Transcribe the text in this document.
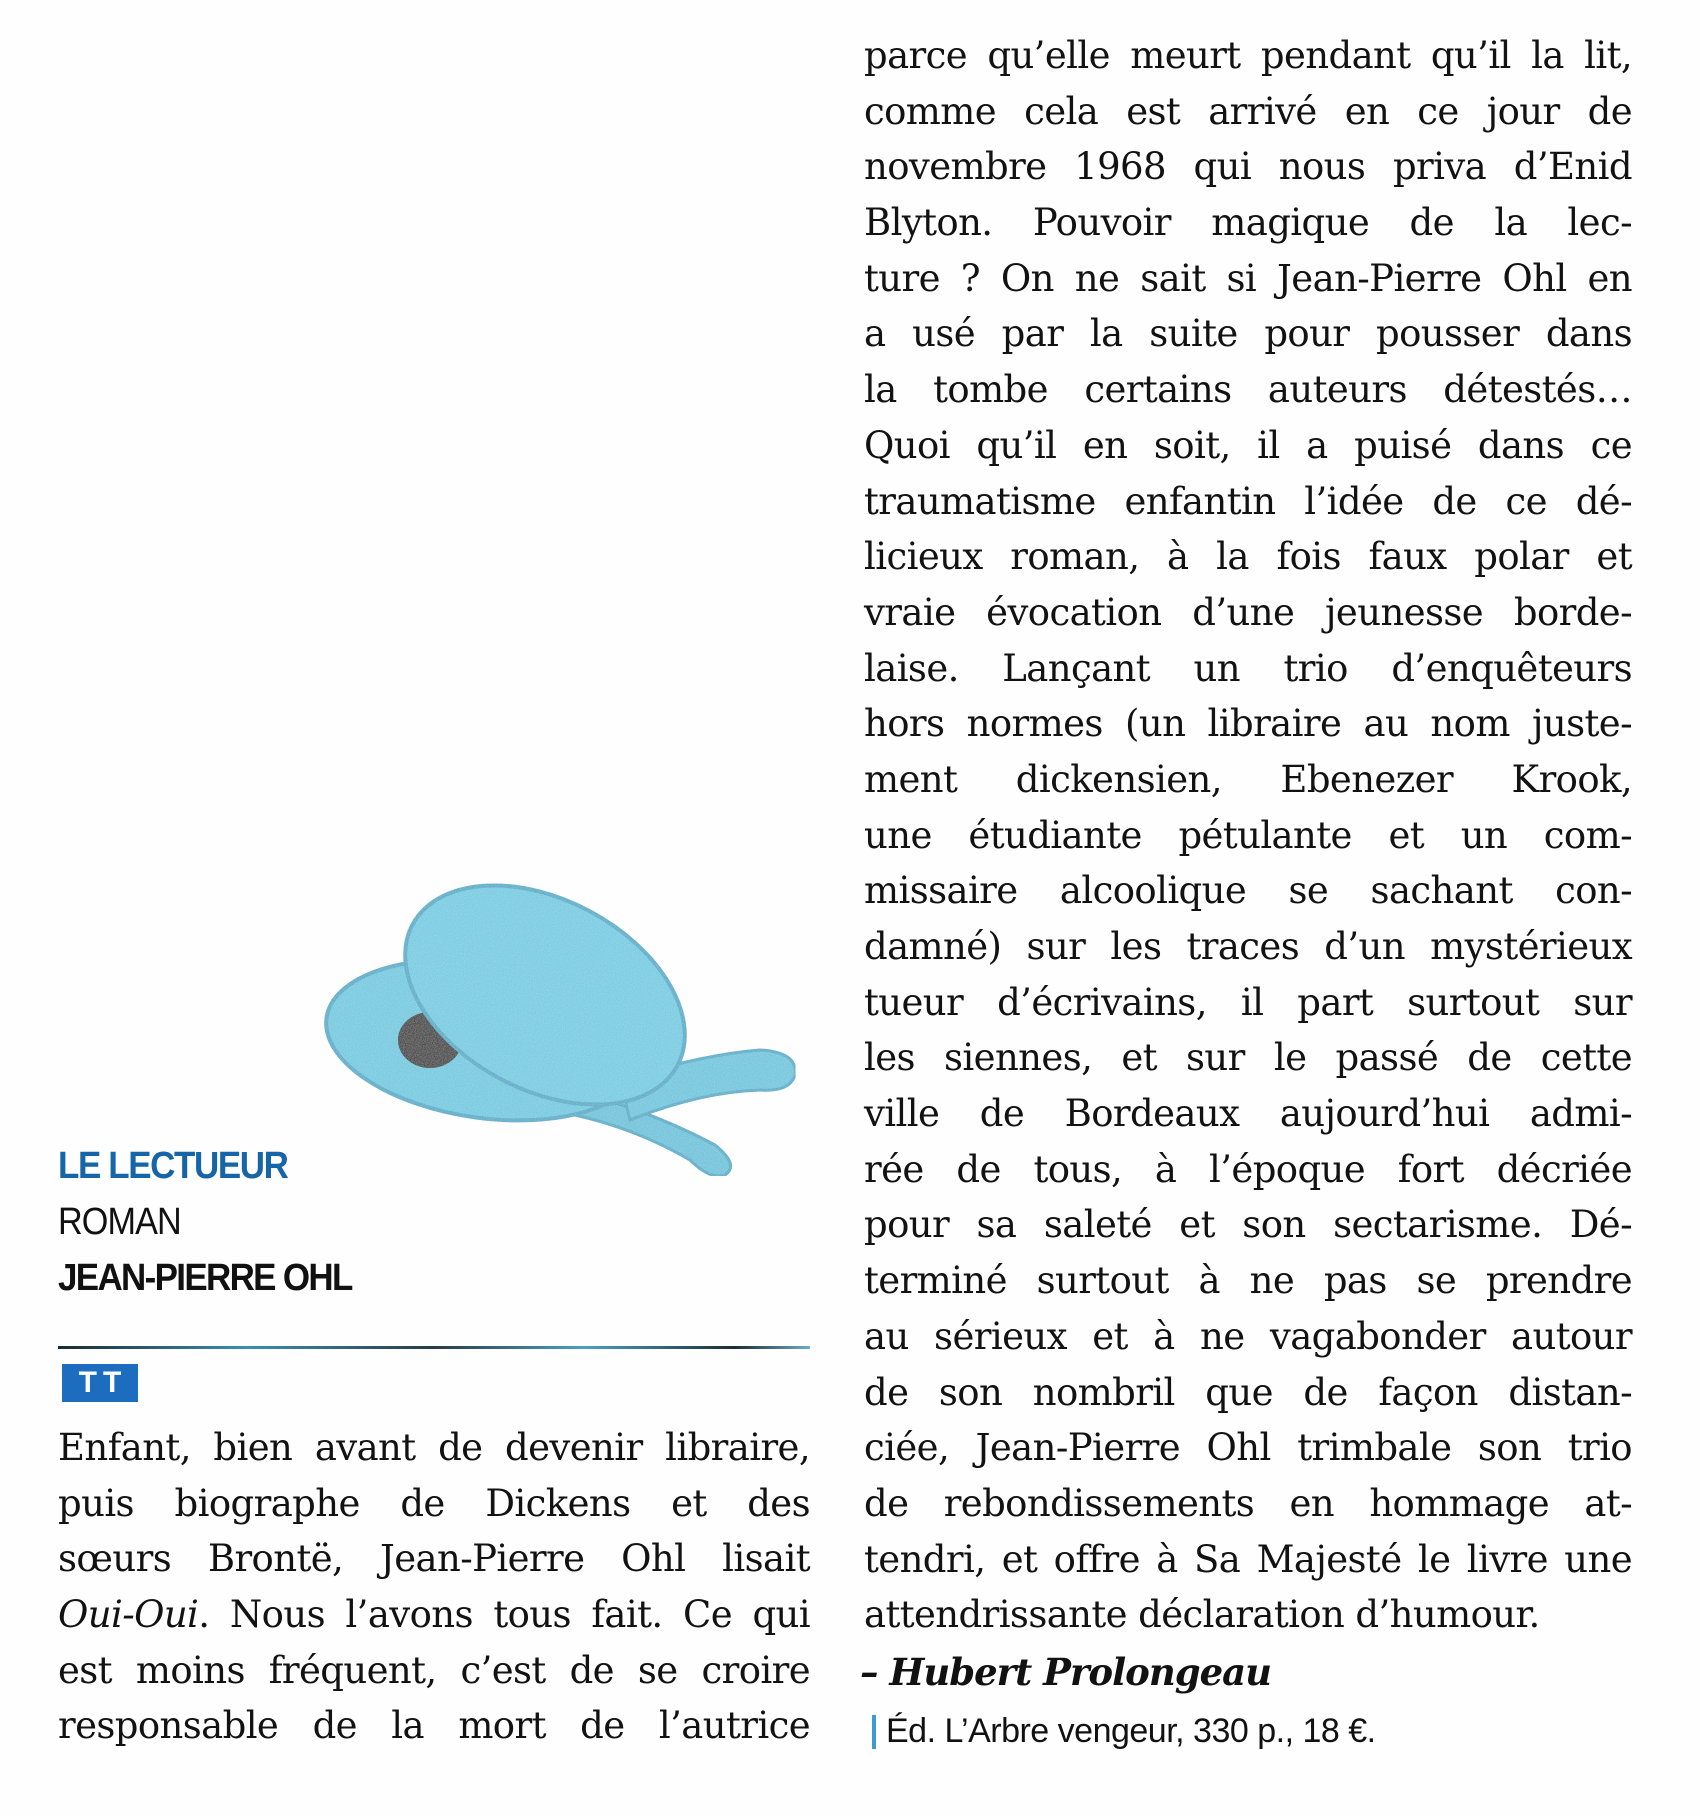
LE LECTUEUR
ROMAN
JEAN-PIERRE OHL
T T
Enfant, bien avant de devenir libraire,
puis biographe de Dickens et des
sœurs Brontë, Jean-Pierre Ohl lisait
Oui-Oui. Nous l’avons tous fait. Ce qui
est moins fréquent, c’est de se croire
responsable de la mort de l’autrice
parce qu’elle meurt pendant qu’il la lit,
comme cela est arrivé en ce jour de
novembre 1968 qui nous priva d’Enid
Blyton. Pouvoir magique de la lec-
ture ? On ne sait si Jean-Pierre Ohl en
a usé par la suite pour pousser dans
la tombe certains auteurs détestés…
Quoi qu’il en soit, il a puisé dans ce
traumatisme enfantin l’idée de ce dé-
licieux roman, à la fois faux polar et
vraie évocation d’une jeunesse borde-
laise. Lançant un trio d’enquêteurs
hors normes (un libraire au nom juste-
ment dickensien, Ebenezer Krook,
une étudiante pétulante et un com-
missaire alcoolique se sachant con-
damné) sur les traces d’un mystérieux
tueur d’écrivains, il part surtout sur
les siennes, et sur le passé de cette
ville de Bordeaux aujourd’hui admi-
rée de tous, à l’époque fort décriée
pour sa saleté et son sectarisme. Dé-
terminé surtout à ne pas se prendre
au sérieux et à ne vagabonder autour
de son nombril que de façon distan-
ciée, Jean-Pierre Ohl trimbale son trio
de rebondissements en hommage at-
tendri, et offre à Sa Majesté le livre une
attendrissante déclaration d’humour.
– Hubert Prolongeau
Éd. L’Arbre vengeur, 330 p., 18 €.
